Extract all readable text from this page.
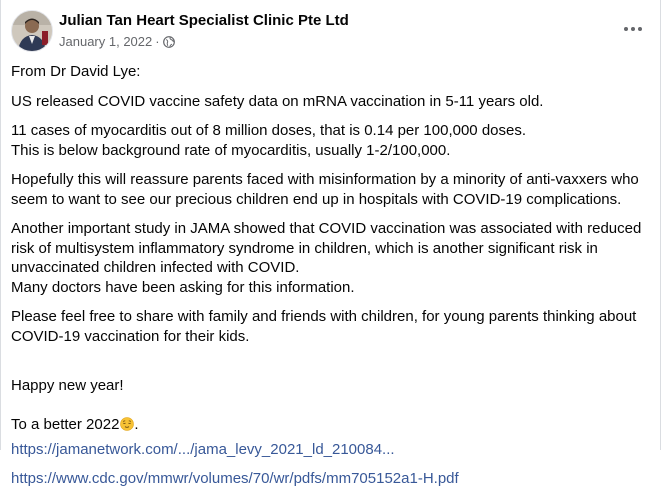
Julian Tan Heart Specialist Clinic Pte Ltd
January 1, 2022 ·

From Dr David Lye:

US released COVID vaccine safety data on mRNA vaccination in 5-11 years old.

11 cases of myocarditis out of 8 million doses, that is 0.14 per 100,000 doses.
This is below background rate of myocarditis, usually 1-2/100,000.

Hopefully this will reassure parents faced with misinformation by a minority of anti-vaxxers who seem to want to see our precious children end up in hospitals with COVID-19 complications.

Another important study in JAMA showed that COVID vaccination was associated with reduced risk of multisystem inflammatory syndrome in children, which is another significant risk in unvaccinated children infected with COVID.
Many doctors have been asking for this information.

Please feel free to share with family and friends with children, for young parents thinking about COVID-19 vaccination for their kids.

Happy new year!

To a better 2022 .

https://jamanetwork.com/.../jama_levy_2021_ld_210084...
https://www.cdc.gov/mmwr/volumes/70/wr/pdfs/mm705152a1-H.pdf
